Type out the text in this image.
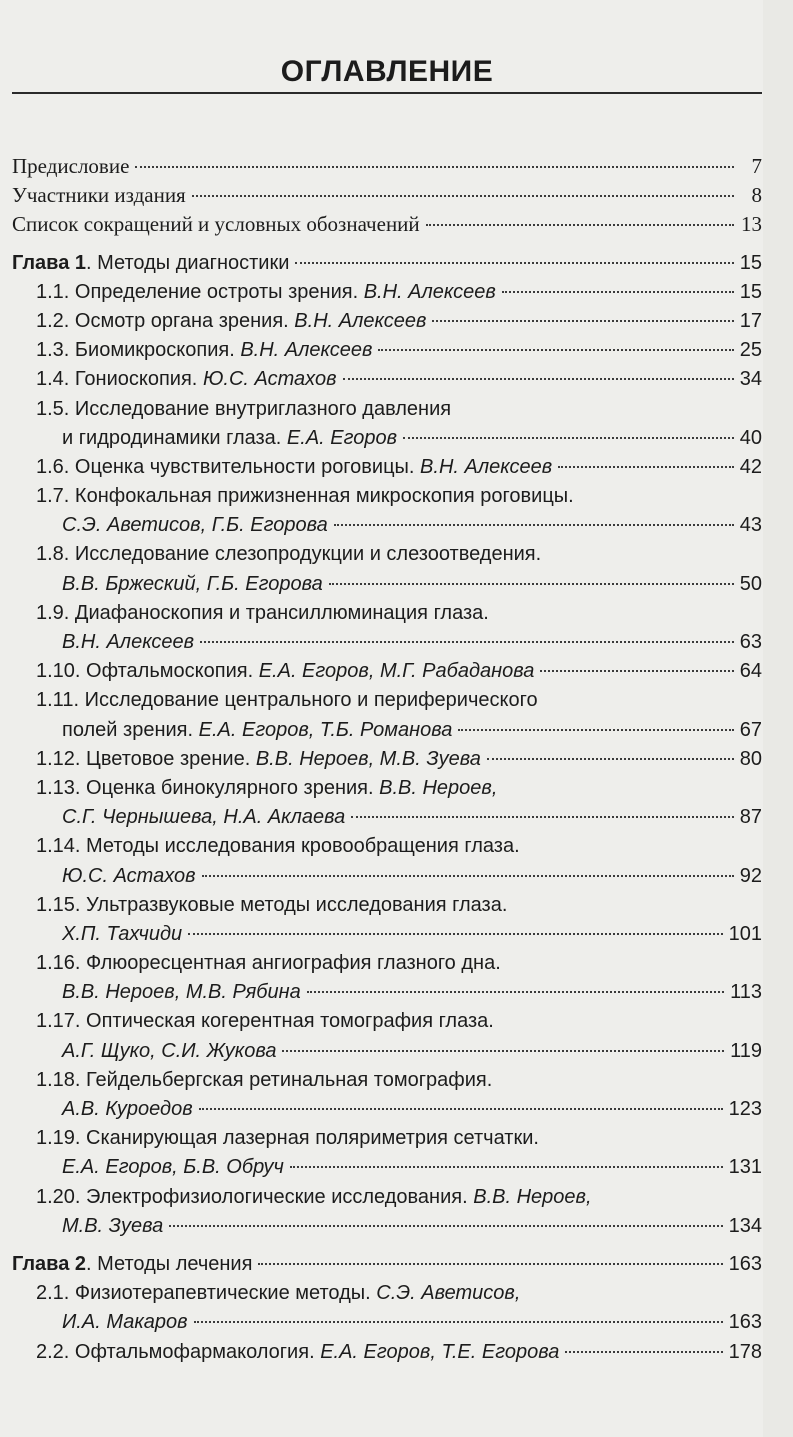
ОГЛАВЛЕНИЕ
Предисловие	7
Участники издания	8
Список сокращений и условных обозначений	13
Глава 1. Методы диагностики	15
1.1. Определение остроты зрения. В.Н. Алексеев	15
1.2. Осмотр органа зрения. В.Н. Алексеев	17
1.3. Биомикроскопия. В.Н. Алексеев	25
1.4. Гониоскопия. Ю.С. Астахов	34
1.5. Исследование внутриглазного давления
и гидродинамики глаза. Е.А. Егоров	40
1.6. Оценка чувствительности роговицы. В.Н. Алексеев	42
1.7. Конфокальная прижизненная микроскопия роговицы.
С.Э. Аветисов, Г.Б. Егорова	43
1.8. Исследование слезопродукции и слезоотведения.
В.В. Бржеский, Г.Б. Егорова	50
1.9. Диафаноскопия и трансиллюминация глаза.
В.Н. Алексеев	63
1.10. Офтальмоскопия. Е.А. Егоров, М.Г. Рабаданова	64
1.11. Исследование центрального и периферического
полей зрения. Е.А. Егоров, Т.Б. Романова	67
1.12. Цветовое зрение. В.В. Нероев, М.В. Зуева	80
1.13. Оценка бинокулярного зрения. В.В. Нероев,
С.Г. Чернышева, Н.А. Аклаева	87
1.14. Методы исследования кровообращения глаза.
Ю.С. Астахов	92
1.15. Ультразвуковые методы исследования глаза.
Х.П. Тахчиди	101
1.16. Флюоресцентная ангиография глазного дна.
В.В. Нероев, М.В. Рябина	113
1.17. Оптическая когерентная томография глаза.
А.Г. Щуко, С.И. Жукова	119
1.18. Гейдельбергская ретинальная томография.
А.В. Куроедов	123
1.19. Сканирующая лазерная поляриметрия сетчатки.
Е.А. Егоров, Б.В. Обруч	131
1.20. Электрофизиологические исследования. В.В. Нероев,
М.В. Зуева	134
Глава 2. Методы лечения	163
2.1. Физиотерапевтические методы. С.Э. Аветисов,
И.А. Макаров	163
2.2. Офтальмофармакология. Е.А. Егоров, Т.Е. Егорова	178
